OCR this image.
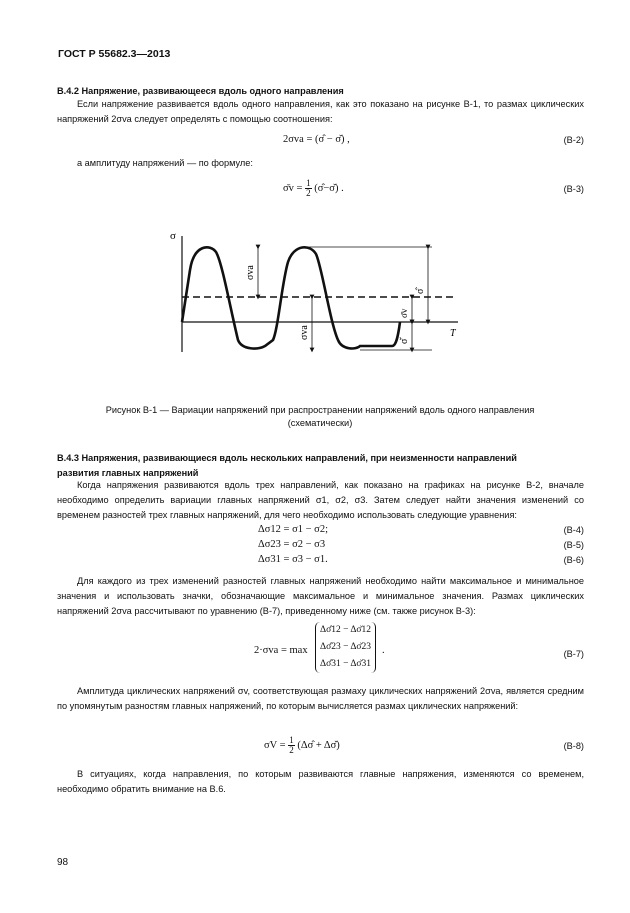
ГОСТ Р 55682.3—2013
В.4.2 Напряжение, развивающееся вдоль одного направления
Если напряжение развивается вдоль одного направления, как это показано на рисунке В-1, то размах циклических напряжений 2σva следует определять с помощью соотношения:
2σva = (σ̂ − σ̆) ,	(В-2)
а амплитуду напряжений — по формуле:
σ̄v = $\frac{1}{2}$ (σ̂−σ̆) .	(В-3)
σ
T
σva
σva
σ̂
σ̄v
σ̆
Рисунок В-1 — Вариации напряжений при распространении напряжений вдоль одного направления
(схематически)
В.4.3 Напряжения, развивающиеся вдоль нескольких направлений, при неизменности направлений
развития главных напряжений
Когда напряжения развиваются вдоль трех направлений, как показано на графиках на рисунке В-2, вначале необходимо определить вариации главных напряжений σ1, σ2, σ3. Затем следует найти значения изменений со временем разностей трех главных напряжений, для чего необходимо использовать следующие уравнения:
Δσ12 = σ1 − σ2;	(В-4)
Δσ23 = σ2 − σ3	(В-5)
Δσ31 = σ3 − σ1.	(В-6)
Для каждого из трех изменений разностей главных напряжений необходимо найти максимальное и минимальное значения и использовать значки, обозначающие максимальное и минимальное значения. Размах циклических напряжений 2σva рассчитывают по уравнению (В-7), приведенному ниже (см. также рисунок В-3):
2·σva = max
Δσ̂12 − Δσ̆12
Δσ̂23 − Δσ̆23
Δσ̂31 − Δσ̆31
.	(В-7)
Амплитуда циклических напряжений σv, соответствующая размаху циклических напряжений 2σva, является средним по упомянутым разностям главных напряжений, по которым вычисляется размах циклических напряжений:
$\sigma V = \frac{1}{2}$ (Δσ̂ + Δσ̆)	(В-8)
В ситуациях, когда направления, по которым развиваются главные напряжения, изменяются со временем, необходимо обратить внимание на В.6.
98
